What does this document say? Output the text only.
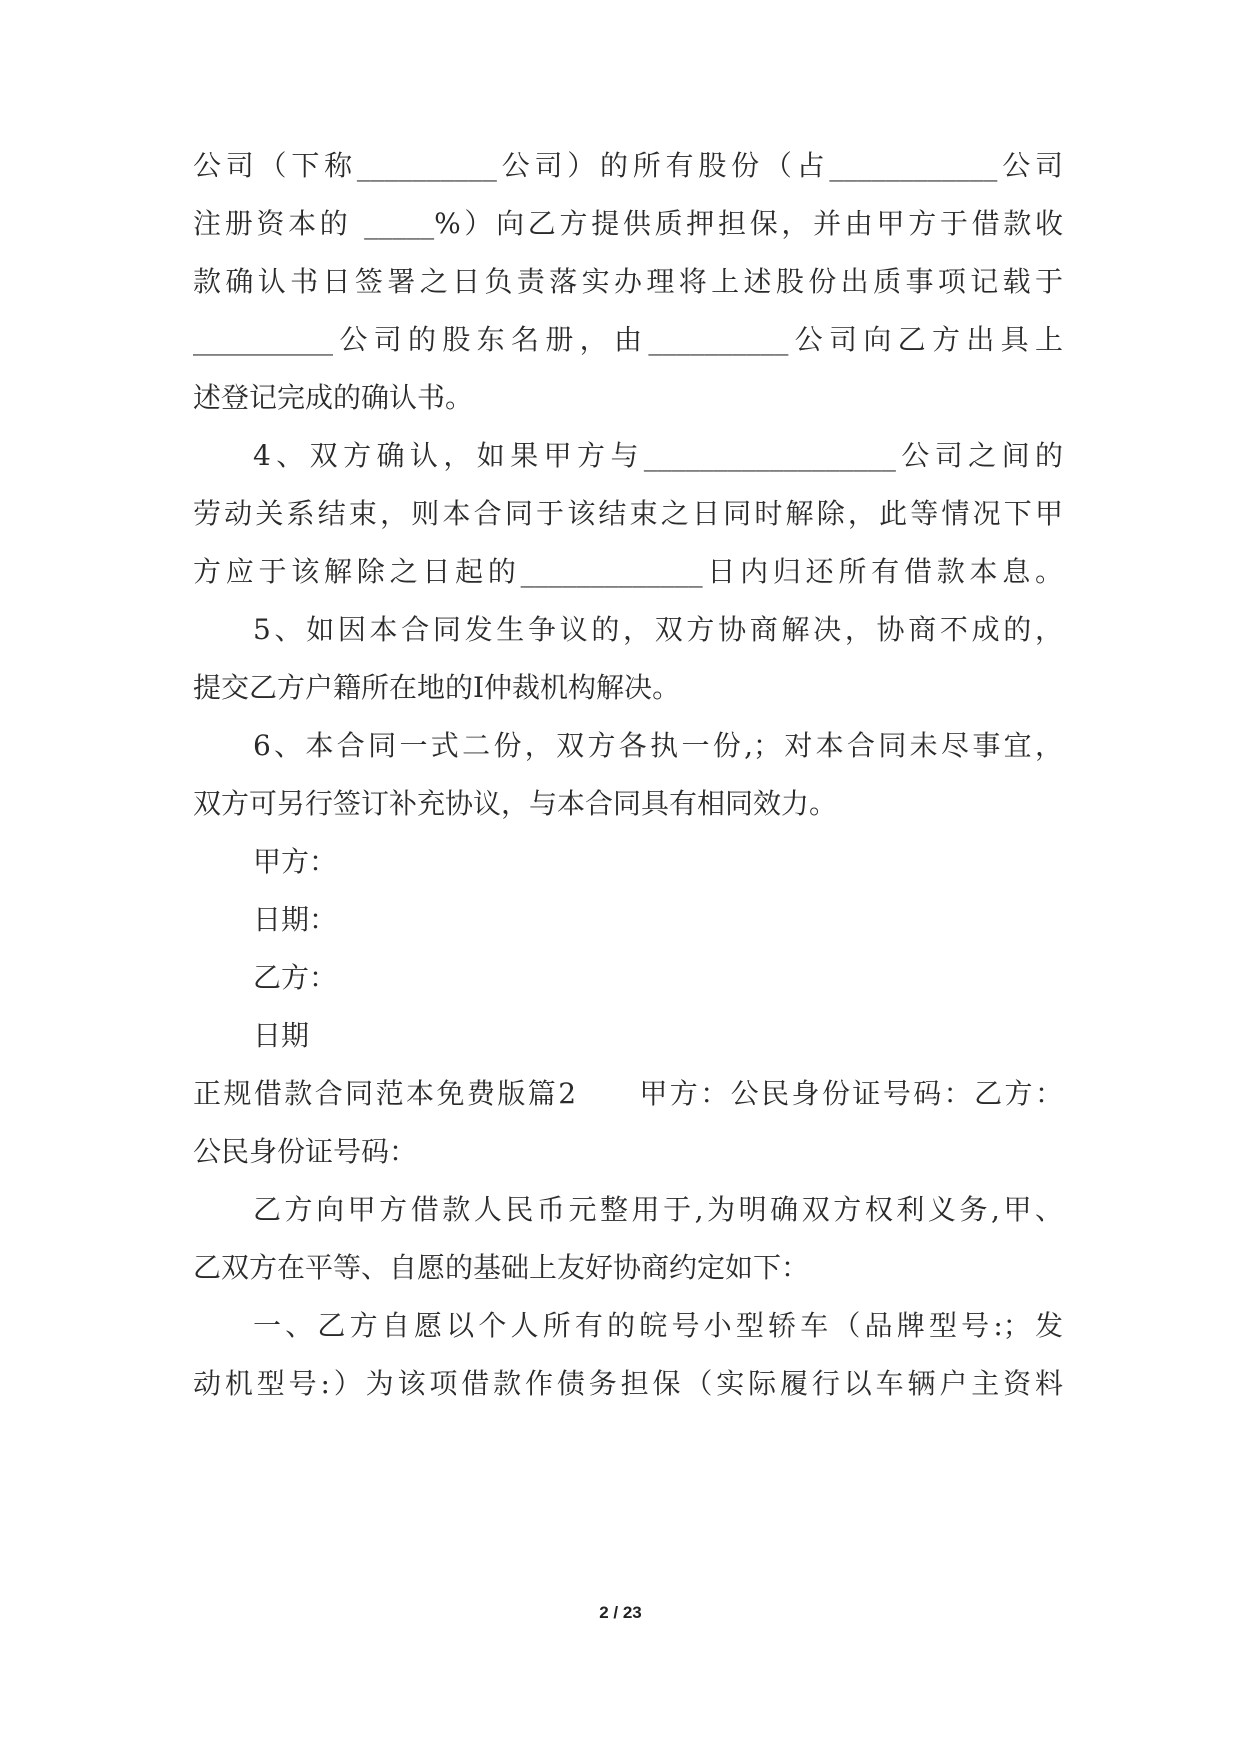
公司（下称__________公司）的所有股份（占____________公司
注册资本的 _____%）向乙方提供质押担保，并由甲方于借款收
款确认书日签署之日负责落实办理将上述股份出质事项记载于
__________公司的股东名册，由__________公司向乙方出具上
述登记完成的确认书。
4、双方确认，如果甲方与__________________公司之间的
劳动关系结束，则本合同于该结束之日同时解除，此等情况下甲
方应于该解除之日起的_____________日内归还所有借款本息。
5、如因本合同发生争议的，双方协商解决，协商不成的，
提交乙方户籍所在地的I仲裁机构解决。
6、本合同一式二份，双方各执一份,；对本合同未尽事宜，
双方可另行签订补充协议，与本合同具有相同效力。
甲方：
日期：
乙方：
日期
正规借款合同范本免费版篇2　　甲方：公民身份证号码：乙方：
公民身份证号码：
乙方向甲方借款人民币元整用于,为明确双方权利义务,甲、
乙双方在平等、自愿的基础上友好协商约定如下：
一、乙方自愿以个人所有的皖号小型轿车（品牌型号:；发
动机型号:）为该项借款作债务担保（实际履行以车辆户主资料
2 / 23
